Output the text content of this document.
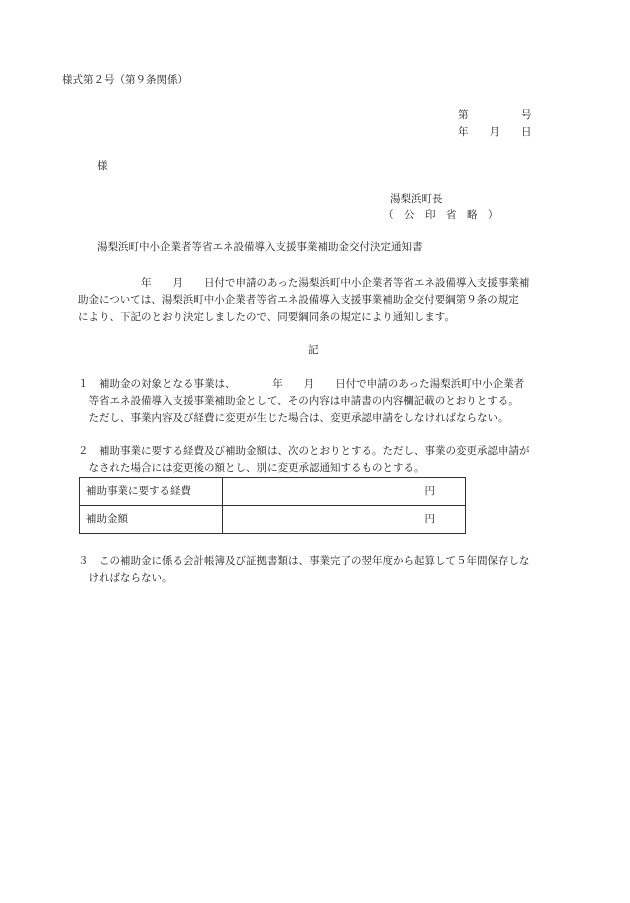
様式第２号（第９条関係）
第　　　　　号
年　　月　　日
様
湯梨浜町長
（　公　印　省　略　）
湯梨浜町中小企業者等省エネ設備導入支援事業補助金交付決定通知書
　　　　　　年　　月　　日付で申請のあった湯梨浜町中小企業者等省エネ設備導入支援事業補
助金については、湯梨浜町中小企業者等省エネ設備導入支援事業補助金交付要綱第９条の規定
により、下記のとおり決定しましたので、同要綱同条の規定により通知します。
記
１　補助金の対象となる事業は、　　　　年　　月　　日付で申請のあった湯梨浜町中小企業者
　等省エネ設備導入支援事業補助金として、その内容は申請書の内容欄記載のとおりとする。
　ただし、事業内容及び経費に変更が生じた場合は、変更承認申請をしなければならない。
２　補助事業に要する経費及び補助金額は、次のとおりとする。ただし、事業の変更承認申請が
　なされた場合には変更後の額とし、別に変更承認通知するものとする。
補助事業に要する経費	円
補助金額	円
３　この補助金に係る会計帳簿及び証拠書類は、事業完了の翌年度から起算して５年間保存しな
　ければならない。
